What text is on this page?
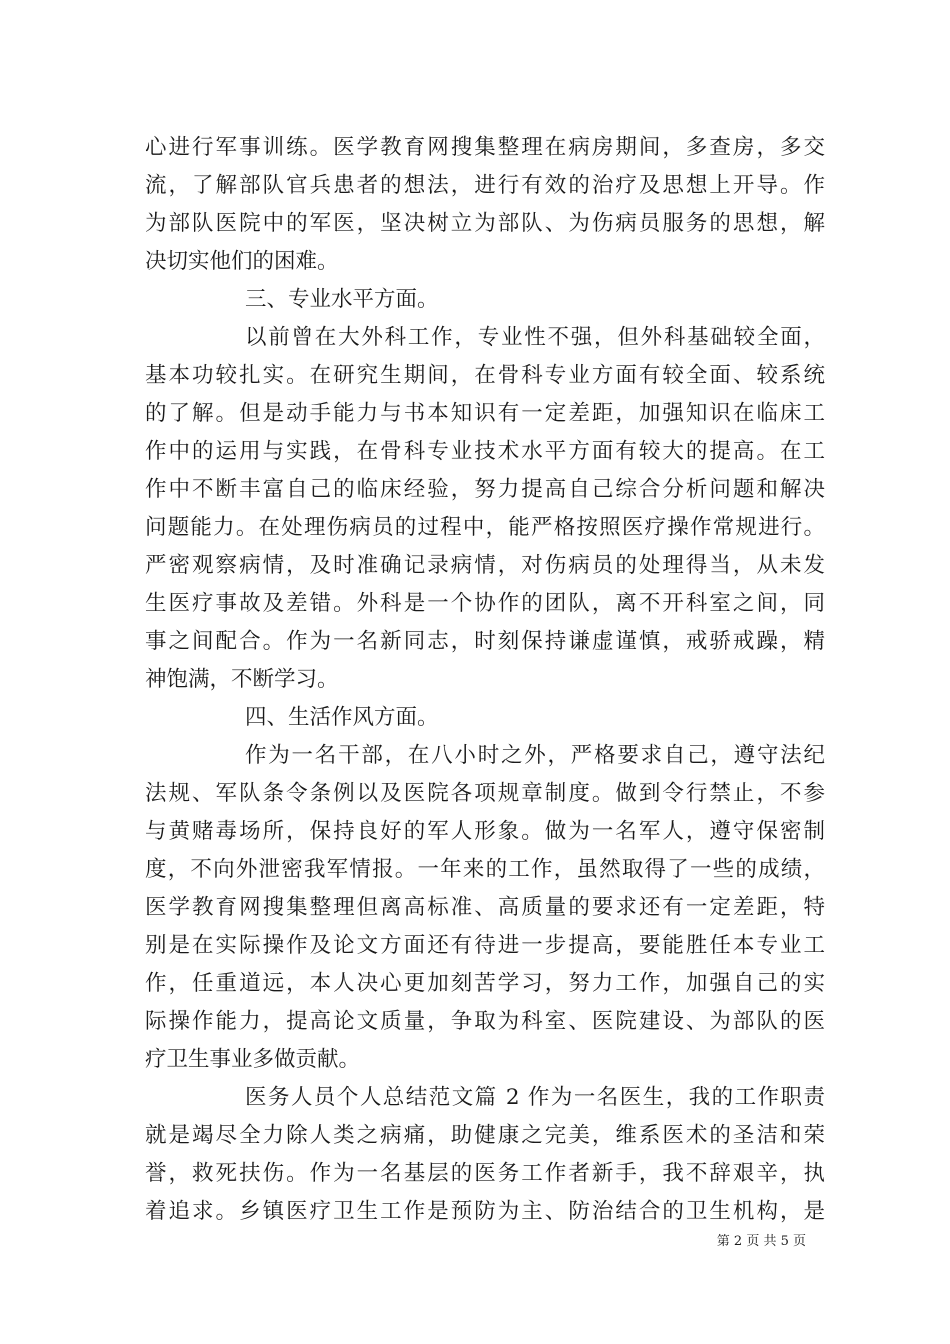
心进行军事训练。医学教育网搜集整理在病房期间，多查房，多交
流，了解部队官兵患者的想法，进行有效的治疗及思想上开导。作
为部队医院中的军医，坚决树立为部队、为伤病员服务的思想，解
决切实他们的困难。
三、专业水平方面。
以前曾在大外科工作，专业性不强，但外科基础较全面，
基本功较扎实。在研究生期间，在骨科专业方面有较全面、较系统
的了解。但是动手能力与书本知识有一定差距，加强知识在临床工
作中的运用与实践，在骨科专业技术水平方面有较大的提高。在工
作中不断丰富自己的临床经验，努力提高自己综合分析问题和解决
问题能力。在处理伤病员的过程中，能严格按照医疗操作常规进行。
严密观察病情，及时准确记录病情，对伤病员的处理得当，从未发
生医疗事故及差错。外科是一个协作的团队，离不开科室之间，同
事之间配合。作为一名新同志，时刻保持谦虚谨慎，戒骄戒躁，精
神饱满，不断学习。
四、生活作风方面。
作为一名干部，在八小时之外，严格要求自己，遵守法纪
法规、军队条令条例以及医院各项规章制度。做到令行禁止，不参
与黄赌毒场所，保持良好的军人形象。做为一名军人，遵守保密制
度，不向外泄密我军情报。一年来的工作，虽然取得了一些的成绩，
医学教育网搜集整理但离高标准、高质量的要求还有一定差距，特
别是在实际操作及论文方面还有待进一步提高，要能胜任本专业工
作，任重道远，本人决心更加刻苦学习，努力工作，加强自己的实
际操作能力，提高论文质量，争取为科室、医院建设、为部队的医
疗卫生事业多做贡献。
医务人员个人总结范文篇 2 作为一名医生，我的工作职责
就是竭尽全力除人类之病痛，助健康之完美，维系医术的圣洁和荣
誉，救死扶伤。作为一名基层的医务工作者新手，我不辞艰辛，执
着追求。乡镇医疗卫生工作是预防为主、防治结合的卫生机构，是
第 2 页 共 5 页
